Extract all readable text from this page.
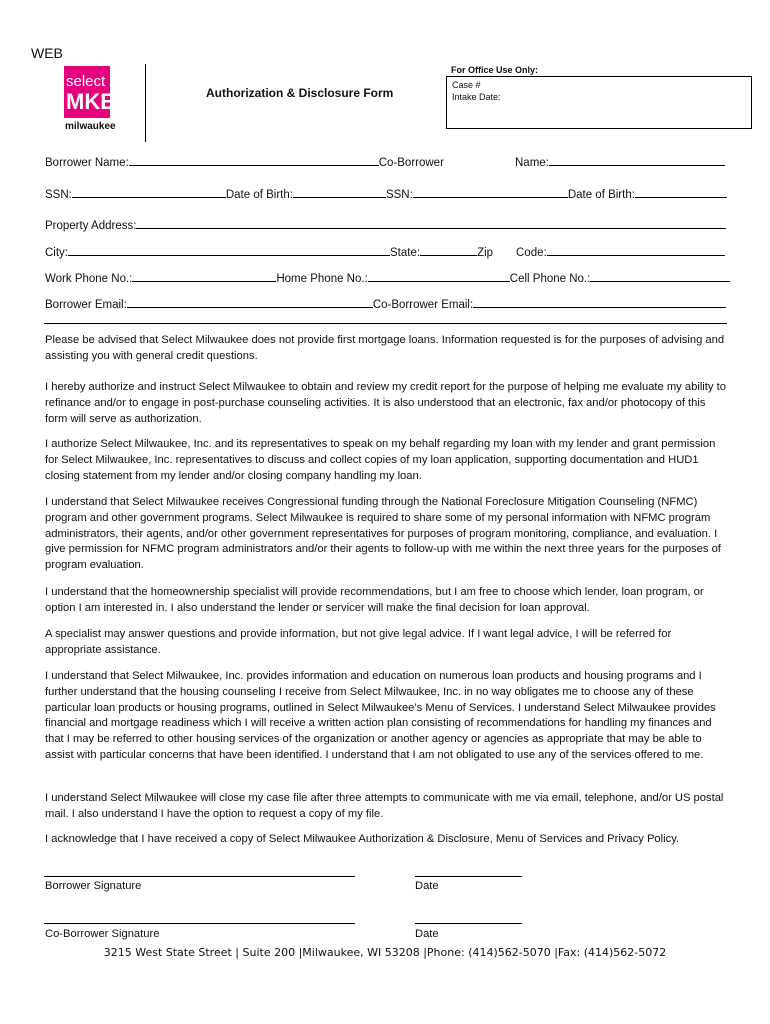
WEB
select
MKE
milwaukee
Authorization & Disclosure Form
For Office Use Only:
Case #
Intake Date:
Borrower Name:	Co-Borrower	Name:
SSN:	Date of Birth:	SSN:	Date of Birth:
Property Address:
City:	State:	Zip Code:
Work Phone No.:	Home Phone No.:	Cell Phone No.:
Borrower Email:	Co-Borrower Email:
Please be advised that Select Milwaukee does not provide first mortgage loans. Information requested is for the purposes of advising and assisting you with general credit questions.
I hereby authorize and instruct Select Milwaukee to obtain and review my credit report for the purpose of helping me evaluate my ability to refinance and/or to engage in post-purchase counseling activities. It is also understood that an electronic, fax and/or photocopy of this form will serve as authorization.
I authorize Select Milwaukee, Inc. and its representatives to speak on my behalf regarding my loan with my lender and grant permission for Select Milwaukee, Inc. representatives to discuss and collect copies of my loan application, supporting documentation and HUD1 closing statement from my lender and/or closing company handling my loan.
I understand that Select Milwaukee receives Congressional funding through the National Foreclosure Mitigation Counseling (NFMC) program and other government programs. Select Milwaukee is required to share some of my personal information with NFMC program administrators, their agents, and/or other government representatives for purposes of program monitoring, compliance, and evaluation. I give permission for NFMC program administrators and/or their agents to follow-up with me within the next three years for the purposes of program evaluation.
I understand that the homeownership specialist will provide recommendations, but I am free to choose which lender, loan program, or option I am interested in. I also understand the lender or servicer will make the final decision for loan approval.
A specialist may answer questions and provide information, but not give legal advice. If I want legal advice, I will be referred for appropriate assistance.
I understand that Select Milwaukee, Inc. provides information and education on numerous loan products and housing programs and I further understand that the housing counseling I receive from Select Milwaukee, Inc. in no way obligates me to choose any of these particular loan products or housing programs, outlined in Select Milwaukee’s Menu of Services. I understand Select Milwaukee provides financial and mortgage readiness which I will receive a written action plan consisting of recommendations for handling my finances and that I may be referred to other housing services of the organization or another agency or agencies as appropriate that may be able to assist with particular concerns that have been identified. I understand that I am not obligated to use any of the services offered to me.
I understand Select Milwaukee will close my case file after three attempts to communicate with me via email, telephone, and/or US postal mail. I also understand I have the option to request a copy of my file.
I acknowledge that I have received a copy of Select Milwaukee Authorization & Disclosure, Menu of Services and Privacy Policy.
Borrower Signature	Date
Co-Borrower Signature	Date
3215 West State Street | Suite 200 |Milwaukee, WI 53208 |Phone: (414)562-5070 |Fax: (414)562-5072
